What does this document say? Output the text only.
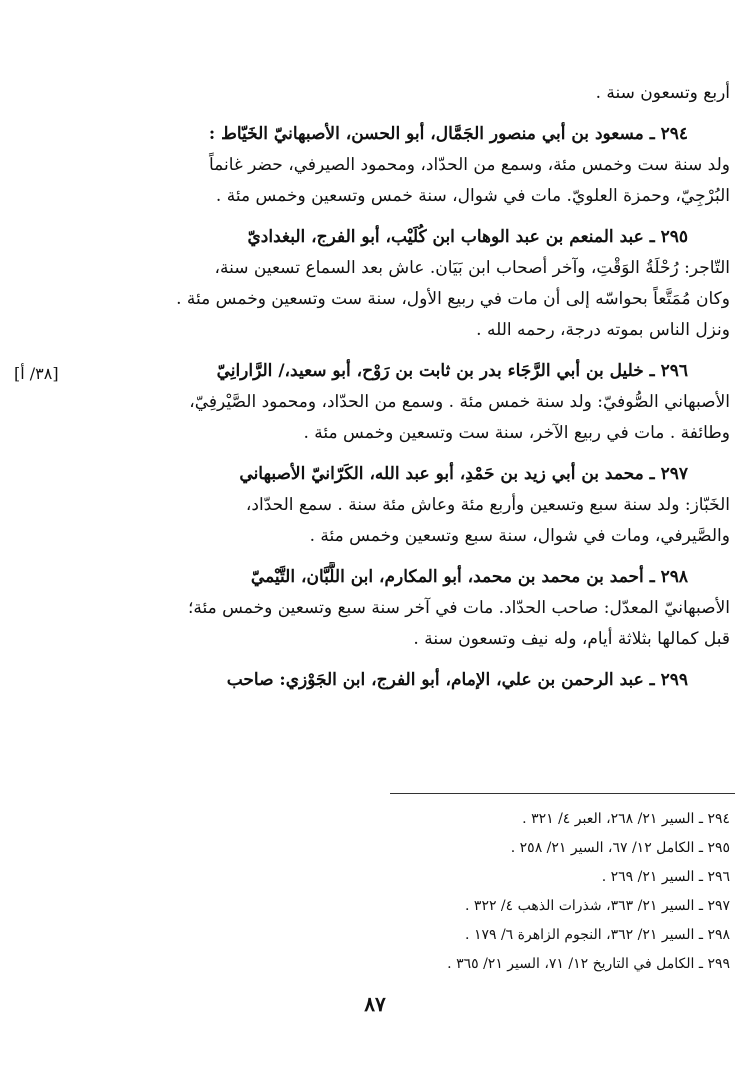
أربع وتسعون سنة .
٢٩٤ ـ مسعود بن أبي منصور الجَمَّال، أبو الحسن، الأصبهانيّ الخَيّاط :
ولد سنة ست وخمس مئة، وسمع من الحدّاد، ومحمود الصيرفي، حضر غانماً
البُرْجِيّ، وحمزة العلويّ. مات في شوال، سنة خمس وتسعين وخمس مئة .
٢٩٥ ـ عبد المنعم بن عبد الوهاب ابن كُلَيْب، أبو الفرج، البغداديّ
التّاجر: رُحْلَةُ الوَقْتِ، وآخر أصحاب ابن بَيَان. عاش بعد السماع تسعين سنة،
وكان مُمَتَّعاً بحواسّه إلى أن مات في ربيع الأول، سنة ست وتسعين وخمس مئة .
ونزل الناس بموته درجة، رحمه الله .
٢٩٦ ـ خليل بن أبي الرَّجَاء بدر بن ثابت بن رَوْح، أبو سعيد،/ الرَّارانِيّ
الأصبهاني الصُّوفيّ: ولد سنة خمس مئة . وسمع من الحدّاد، ومحمود الصَّيْرفِيّ،
وطائفة . مات في ربيع الآخر، سنة ست وتسعين وخمس مئة .
٢٩٧ ـ محمد بن أبي زيد بن حَمْدِ، أبو عبد الله، الكَرّانيّ الأصبهاني
الخَبّاز: ولد سنة سبع وتسعين وأربع مئة وعاش مئة سنة . سمع الحدّاد،
والصَّيرفي، ومات في شوال، سنة سبع وتسعين وخمس مئة .
٢٩٨ ـ أحمد بن محمد بن محمد، أبو المكارم، ابن اللَّبَّان، التَّيْميّ
الأصبهانيّ المعدّل: صاحب الحدّاد. مات في آخر سنة سبع وتسعين وخمس مئة؛
قبل كمالها بثلاثة أيام، وله نيف وتسعون سنة .
٢٩٩ ـ عبد الرحمن بن علي، الإمام، أبو الفرج، ابن الجَوْزي: صاحب
[٣٨/ أ]
٢٩٤ ـ السير ٢١/ ٢٦٨، العبر ٤/ ٣٢١ .
٢٩٥ ـ الكامل ١٢/ ٦٧، السير ٢١/ ٢٥٨ .
٢٩٦ ـ السير ٢١/ ٢٦٩ .
٢٩٧ ـ السير ٢١/ ٣٦٣، شذرات الذهب ٤/ ٣٢٢ .
٢٩٨ ـ السير ٢١/ ٣٦٢، النجوم الزاهرة ٦/ ١٧٩ .
٢٩٩ ـ الكامل في التاريخ ١٢/ ٧١، السير ٢١/ ٣٦٥ .
٨٧
